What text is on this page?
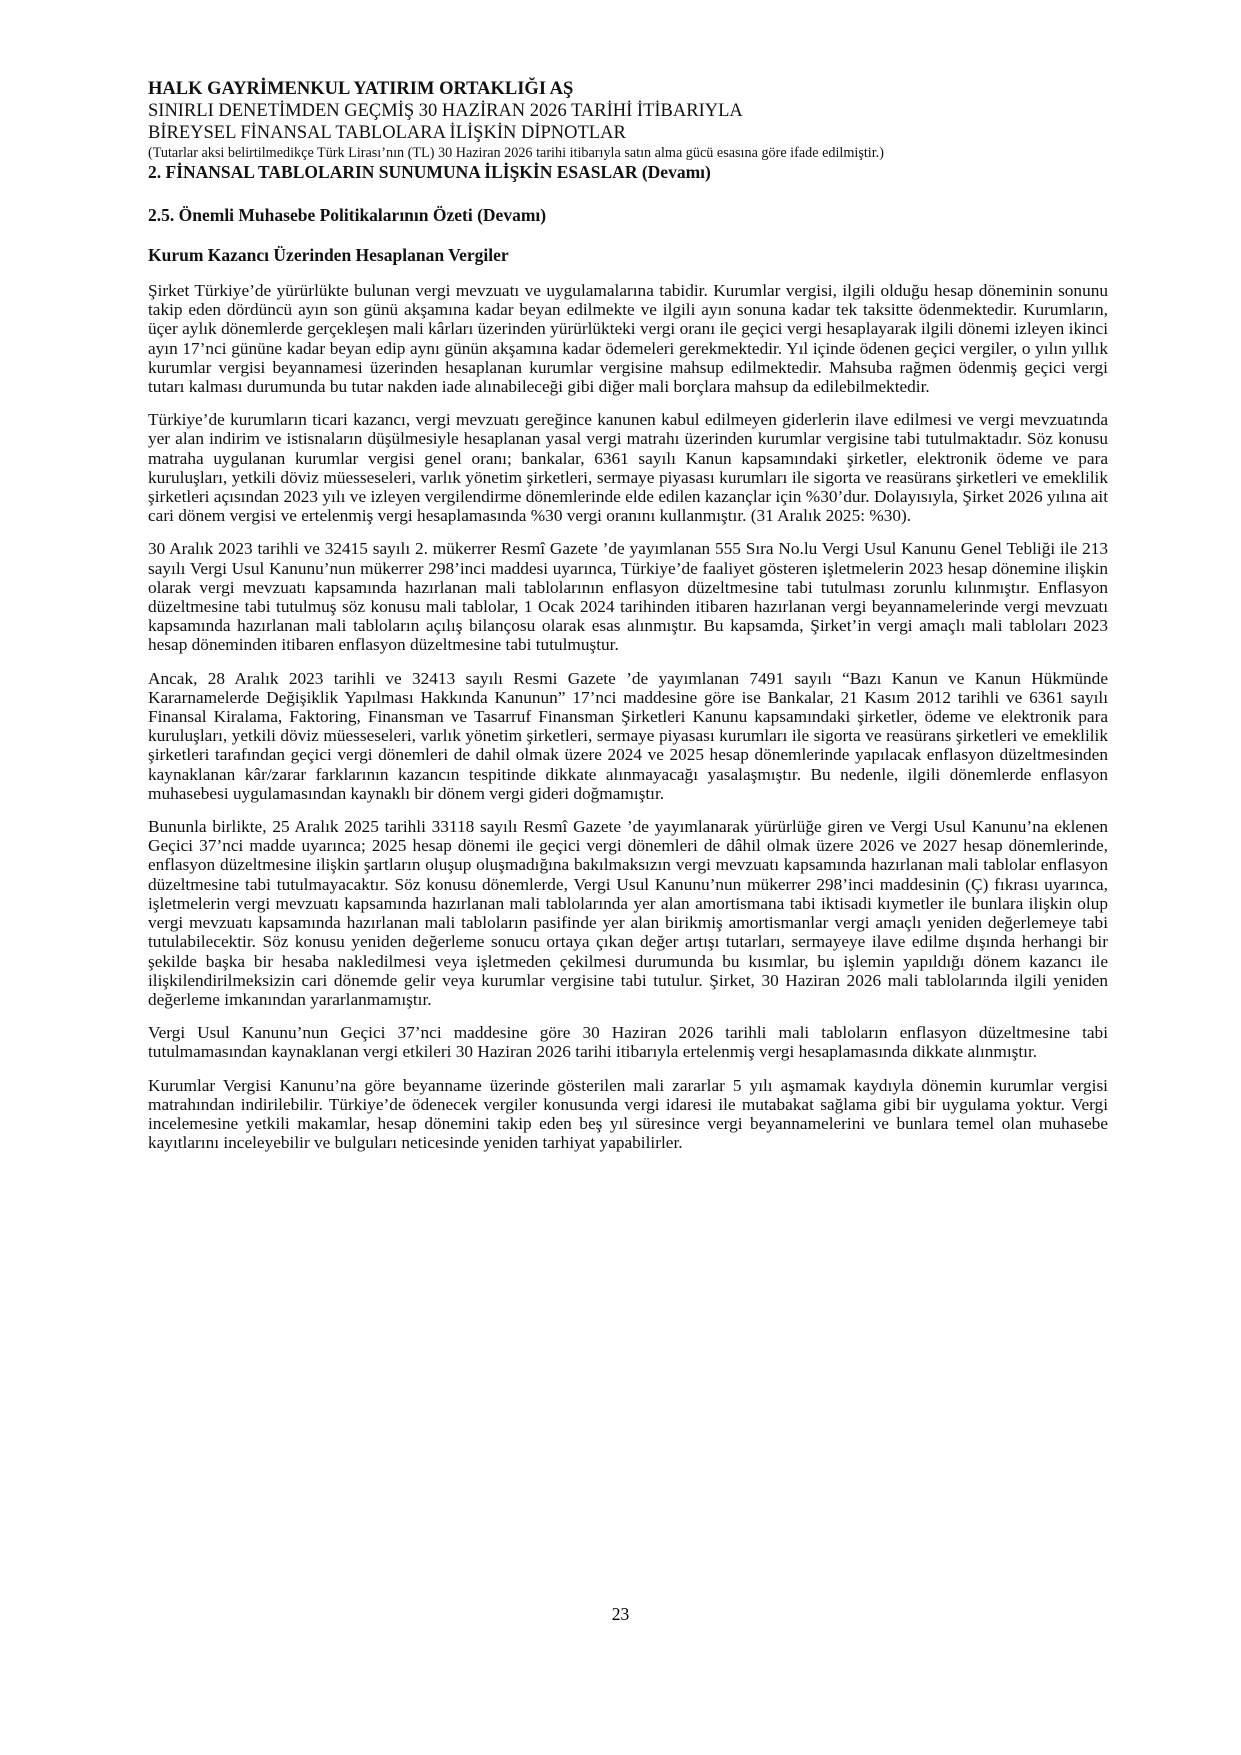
HALK GAYRİMENKUL YATIRIM ORTAKLIĞI AŞ
SINIRLI DENETİMDEN GEÇMİŞ 30 HAZİRAN 2026 TARİHİ İTİBARIYLA
BİREYSEL FİNANSAL TABLOLARA İLİŞKİN DİPNOTLAR
(Tutarlar aksi belirtilmedikçe Türk Lirası’nın (TL) 30 Haziran 2026 tarihi itibarıyla satın alma gücü esasına göre ifade edilmiştir.)
2. FİNANSAL TABLOLARIN SUNUMUNA İLİŞKİN ESASLAR (Devamı)
2.5. Önemli Muhasebe Politikalarının Özeti (Devamı)
Kurum Kazancı Üzerinden Hesaplanan Vergiler

Şirket Türkiye’de yürürlükte bulunan vergi mevzuatı ve uygulamalarına tabidir. Kurumlar vergisi, ilgili olduğu hesap döneminin sonunu takip eden dördüncü ayın son günü akşamına kadar beyan edilmekte ve ilgili ayın sonuna kadar tek taksitte ödenmektedir. Kurumların, üçer aylık dönemlerde gerçekleşen mali kârları üzerinden yürürlükteki vergi oranı ile geçici vergi hesaplayarak ilgili dönemi izleyen ikinci ayın 17’nci gününe kadar beyan edip aynı günün akşamına kadar ödemeleri gerekmektedir. Yıl içinde ödenen geçici vergiler, o yılın yıllık kurumlar vergisi beyannamesi üzerinden hesaplanan kurumlar vergisine mahsup edilmektedir. Mahsuba rağmen ödenmiş geçici vergi tutarı kalması durumunda bu tutar nakden iade alınabileceği gibi diğer mali borçlara mahsup da edilebilmektedir.

Türkiye’de kurumların ticari kazancı, vergi mevzuatı gereğince kanunen kabul edilmeyen giderlerin ilave edilmesi ve vergi mevzuatında yer alan indirim ve istisnaların düşülmesiyle hesaplanan yasal vergi matrahı üzerinden kurumlar vergisine tabi tutulmaktadır. Söz konusu matraha uygulanan kurumlar vergisi genel oranı; bankalar, 6361 sayılı Kanun kapsamındaki şirketler, elektronik ödeme ve para kuruluşları, yetkili döviz müesseseleri, varlık yönetim şirketleri, sermaye piyasası kurumları ile sigorta ve reasürans şirketleri ve emeklilik şirketleri açısından 2023 yılı ve izleyen vergilendirme dönemlerinde elde edilen kazançlar için %30’dur. Dolayısıyla, Şirket 2026 yılına ait cari dönem vergisi ve ertelenmiş vergi hesaplamasında %30 vergi oranını kullanmıştır. (31 Aralık 2025: %30).

30 Aralık 2023 tarihli ve 32415 sayılı 2. mükerrer Resmî Gazete ’de yayımlanan 555 Sıra No.lu Vergi Usul Kanunu Genel Tebliği ile 213 sayılı Vergi Usul Kanunu’nun mükerrer 298’inci maddesi uyarınca, Türkiye’de faaliyet gösteren işletmelerin 2023 hesap dönemine ilişkin olarak vergi mevzuatı kapsamında hazırlanan mali tablolarının enflasyon düzeltmesine tabi tutulması zorunlu kılınmıştır. Enflasyon düzeltmesine tabi tutulmuş söz konusu mali tablolar, 1 Ocak 2024 tarihinden itibaren hazırlanan vergi beyannamelerinde vergi mevzuatı kapsamında hazırlanan mali tabloların açılış bilançosu olarak esas alınmıştır. Bu kapsamda, Şirket’in vergi amaçlı mali tabloları 2023 hesap döneminden itibaren enflasyon düzeltmesine tabi tutulmuştur.

Ancak, 28 Aralık 2023 tarihli ve 32413 sayılı Resmi Gazete ’de yayımlanan 7491 sayılı “Bazı Kanun ve Kanun Hükmünde Kararnamelerde Değişiklik Yapılması Hakkında Kanunun” 17’nci maddesine göre ise Bankalar, 21 Kasım 2012 tarihli ve 6361 sayılı Finansal Kiralama, Faktoring, Finansman ve Tasarruf Finansman Şirketleri Kanunu kapsamındaki şirketler, ödeme ve elektronik para kuruluşları, yetkili döviz müesseseleri, varlık yönetim şirketleri, sermaye piyasası kurumları ile sigorta ve reasürans şirketleri ve emeklilik şirketleri tarafından geçici vergi dönemleri de dahil olmak üzere 2024 ve 2025 hesap dönemlerinde yapılacak enflasyon düzeltmesinden kaynaklanan kâr/zarar farklarının kazancın tespitinde dikkate alınmayacağı yasalaşmıştır. Bu nedenle, ilgili dönemlerde enflasyon muhasebesi uygulamasından kaynaklı bir dönem vergi gideri doğmamıştır.

Bununla birlikte, 25 Aralık 2025 tarihli 33118 sayılı Resmî Gazete ’de yayımlanarak yürürlüğe giren ve Vergi Usul Kanunu’na eklenen Geçici 37’nci madde uyarınca; 2025 hesap dönemi ile geçici vergi dönemleri de dâhil olmak üzere 2026 ve 2027 hesap dönemlerinde, enflasyon düzeltmesine ilişkin şartların oluşup oluşmadığına bakılmaksızın vergi mevzuatı kapsamında hazırlanan mali tablolar enflasyon düzeltmesine tabi tutulmayacaktır. Söz konusu dönemlerde, Vergi Usul Kanunu’nun mükerrer 298’inci maddesinin (Ç) fıkrası uyarınca, işletmelerin vergi mevzuatı kapsamında hazırlanan mali tablolarında yer alan amortismana tabi iktisadi kıymetler ile bunlara ilişkin olup vergi mevzuatı kapsamında hazırlanan mali tabloların pasifinde yer alan birikmiş amortismanlar vergi amaçlı yeniden değerlemeye tabi tutulabilecektir. Söz konusu yeniden değerleme sonucu ortaya çıkan değer artışı tutarları, sermayeye ilave edilme dışında herhangi bir şekilde başka bir hesaba nakledilmesi veya işletmeden çekilmesi durumunda bu kısımlar, bu işlemin yapıldığı dönem kazancı ile ilişkilendirilmeksizin cari dönemde gelir veya kurumlar vergisine tabi tutulur. Şirket, 30 Haziran 2026 mali tablolarında ilgili yeniden değerleme imkanından yararlanmamıştır.

Vergi Usul Kanunu’nun Geçici 37’nci maddesine göre 30 Haziran 2026 tarihli mali tabloların enflasyon düzeltmesine tabi tutulmamasından kaynaklanan vergi etkileri 30 Haziran 2026 tarihi itibarıyla ertelenmiş vergi hesaplamasında dikkate alınmıştır.

Kurumlar Vergisi Kanunu’na göre beyanname üzerinde gösterilen mali zararlar 5 yılı aşmamak kaydıyla dönemin kurumlar vergisi matrahından indirilebilir. Türkiye’de ödenecek vergiler konusunda vergi idaresi ile mutabakat sağlama gibi bir uygulama yoktur. Vergi incelemesine yetkili makamlar, hesap dönemini takip eden beş yıl süresince vergi beyannamelerini ve bunlara temel olan muhasebe kayıtlarını inceleyebilir ve bulguları neticesinde yeniden tarhiyat yapabilirler.

23
